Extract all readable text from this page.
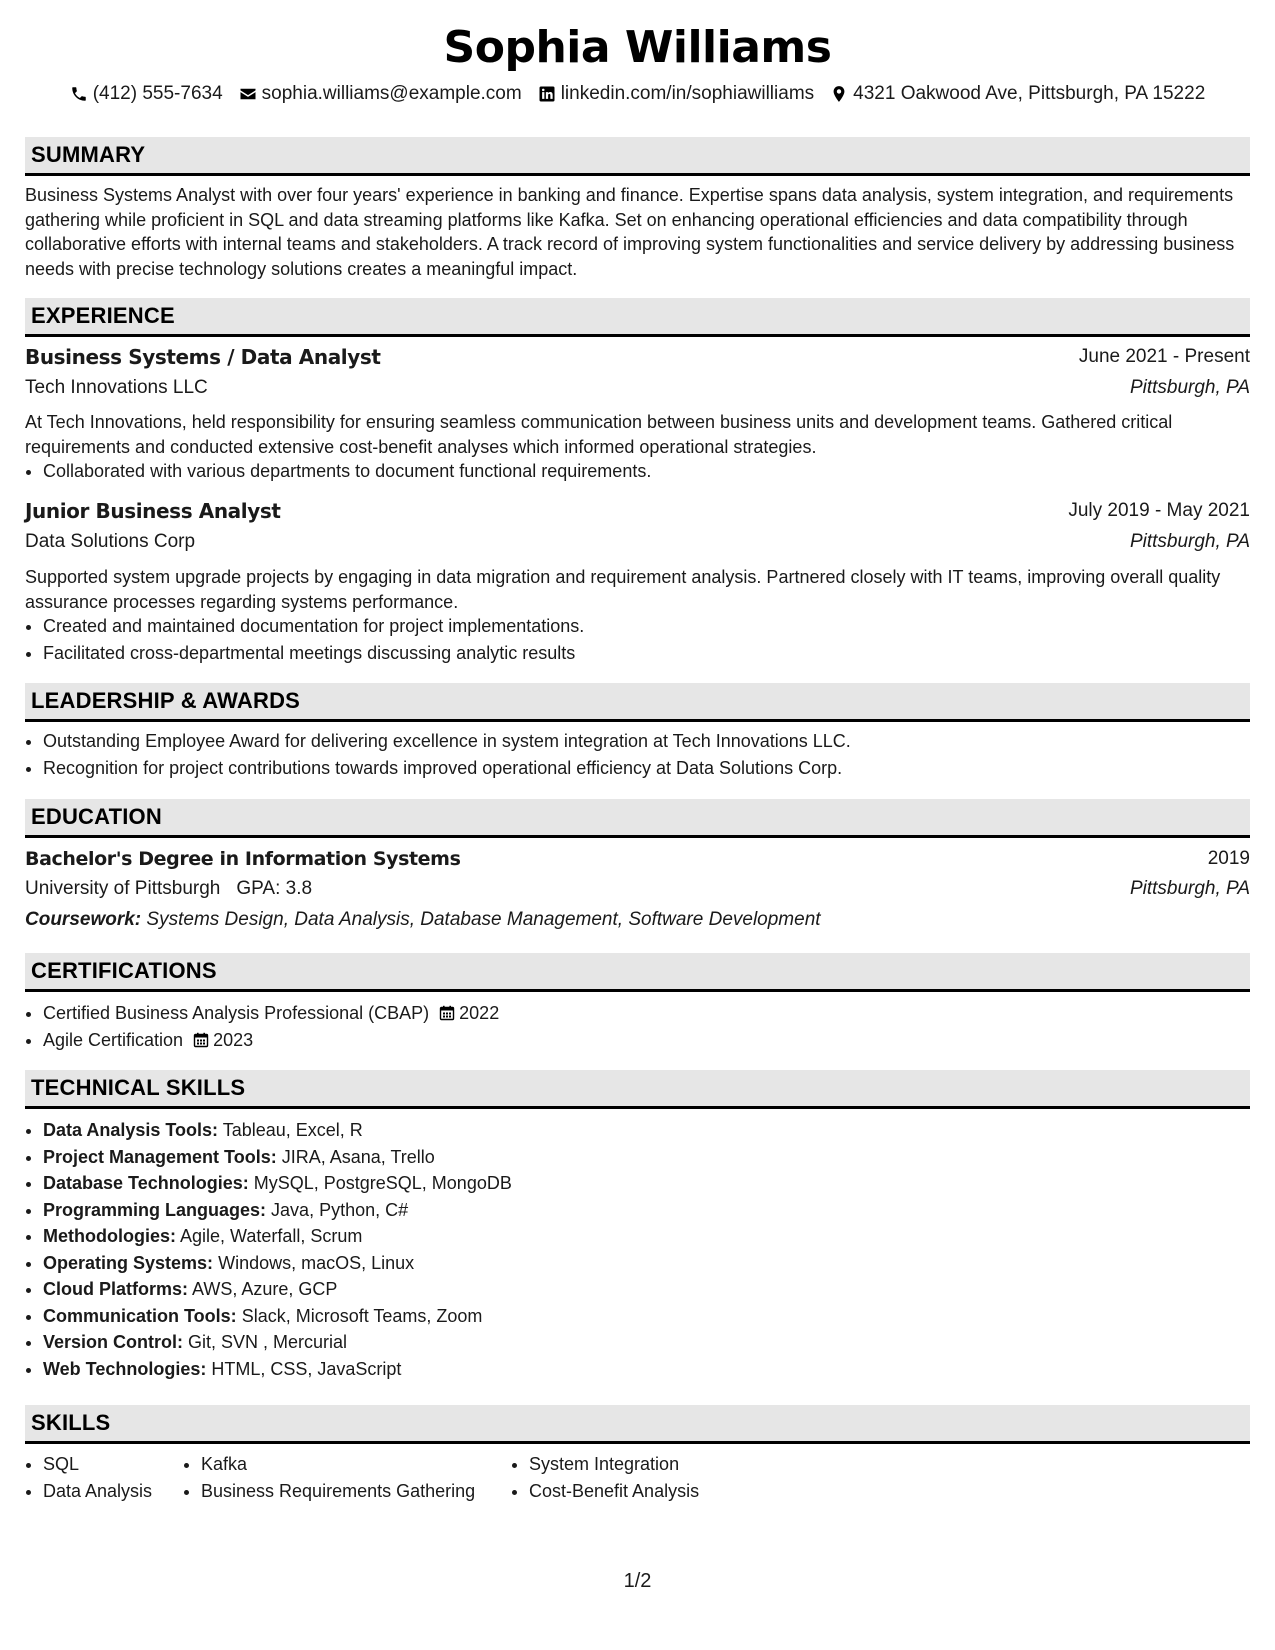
Sophia Williams
(412) 555-7634 sophia.williams@example.com linkedin.com/in/sophiawilliams 4321 Oakwood Ave, Pittsburgh, PA 15222
SUMMARY
Business Systems Analyst with over four years' experience in banking and finance. Expertise spans data analysis, system integration, and requirements gathering while proficient in SQL and data streaming platforms like Kafka. Set on enhancing operational efficiencies and data compatibility through collaborative efforts with internal teams and stakeholders. A track record of improving system functionalities and service delivery by addressing business needs with precise technology solutions creates a meaningful impact.
EXPERIENCE
Business Systems / Data Analyst	June 2021 - Present
Tech Innovations LLC	Pittsburgh, PA
At Tech Innovations, held responsibility for ensuring seamless communication between business units and development teams. Gathered critical requirements and conducted extensive cost-benefit analyses which informed operational strategies.
• Collaborated with various departments to document functional requirements.
Junior Business Analyst	July 2019 - May 2021
Data Solutions Corp	Pittsburgh, PA
Supported system upgrade projects by engaging in data migration and requirement analysis. Partnered closely with IT teams, improving overall quality assurance processes regarding systems performance.
• Created and maintained documentation for project implementations.
• Facilitated cross-departmental meetings discussing analytic results
LEADERSHIP & AWARDS
• Outstanding Employee Award for delivering excellence in system integration at Tech Innovations LLC.
• Recognition for project contributions towards improved operational efficiency at Data Solutions Corp.
EDUCATION
Bachelor's Degree in Information Systems	2019
University of Pittsburgh GPA: 3.8	Pittsburgh, PA
Coursework: Systems Design, Data Analysis, Database Management, Software Development
CERTIFICATIONS
• Certified Business Analysis Professional (CBAP) 2022
• Agile Certification 2023
TECHNICAL SKILLS
• Data Analysis Tools: Tableau, Excel, R
• Project Management Tools: JIRA, Asana, Trello
• Database Technologies: MySQL, PostgreSQL, MongoDB
• Programming Languages: Java, Python, C#
• Methodologies: Agile, Waterfall, Scrum
• Operating Systems: Windows, macOS, Linux
• Cloud Platforms: AWS, Azure, GCP
• Communication Tools: Slack, Microsoft Teams, Zoom
• Version Control: Git, SVN , Mercurial
• Web Technologies: HTML, CSS, JavaScript
SKILLS
• SQL
• Data Analysis
• Kafka
• Business Requirements Gathering
• System Integration
• Cost-Benefit Analysis
1/2
